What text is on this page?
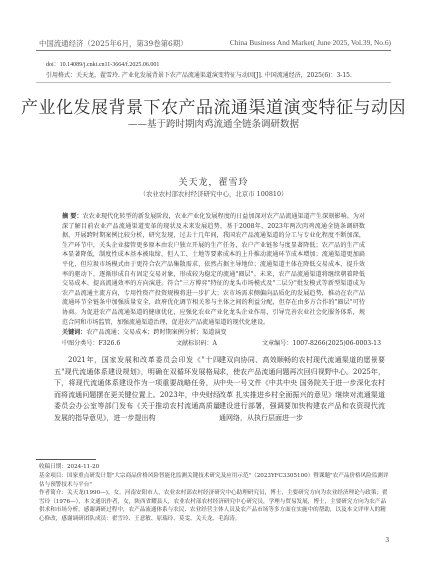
中国流通经济（2025年6月，第39卷第6期）	China Business And Market( June 2025, Vol.39, No.6)
doi：10.14089/j.cnki.cn11-3664/f.2025.06.001
引用格式：关天龙，翟雪玲. 产业化发展背景下农产品流通渠道演变特征与动因[J]. 中国流通经济，2025(6)：3-15.
产业化发展背景下农产品流通渠道演变特征与动因
——基于跨时期肉鸡流通全链条调研数据
关天龙，翟雪玲
（农业农村部农村经济研究中心，北京市 100810）
摘 要：农农业现代化转型的新发展阶段，农业产业化发展程度的日益加深对农产品流通渠道产生深刻影响。为对深了解目前农业产品流通渠道变革的现状及未来发展趋势，基于2008年、2023年两次肉鸡流通全链条调研数据，开展跨时期案例比较分析，研究发现，过去十几年间，我国农产品流通渠道的分工与专业化程度不断加深，生产环节中，关头企业接管更多原本由农户独立开展的生产任务，农户产业链参与度显著降低；农产品的生产成本显著降低，制度性成本基本被取缔，但人工、土地等要素成本的上升推动流通环节成本增加；流通渠道更加扁平化，但垃圾市场模式由于更符合农产品集散需求，依然占据主导地位；流通渠道主体在降低交易成本、提升效率的驱动下，逐渐形成自有固定交易对象，形成较为稳定的流通"圈层"。未来，农产品流通渠道将继续朝着降低交易成本、提高流通效率的方向演进。符合"三方博弈"特征的龙头市场模式及"二层分"批发模式等新型渠道成为农产品流通主流方向，专用性资产投资规模将进一步扩大；农市场需求侧偏向品质化的发展趋势，推动在农产品流通环节全链条中加强质量安全，政府优化调节相关参与主体之间的利益分配，但存在由多方合作的"圈层"可待协商。为促进农产品流通渠道的健康优化，应强化农业产业化龙头企业作用，引导完善农业社会化服务体系，规范合同和市场监管，加强流通渠道治理，促进农产品流通渠道的现代化建设。
关键词：农产品流通；交易成本；跨时期案例分析；渠道演变
中图分类号：F326.6	文献标识码：A	文章编号：1007-8266(2025)06-0003-13

2021年，国家发展和改革委员会印发《"十四五"现代流通体系建设规划》，明确在双循环发展格局下，将现代流通体系建设作为一项重要战略任务，从而将流通问题摆在更关键位置上。2023年，中央财经委员会办公室等部门发布《关于推动农村流通高质量发展的指导意见》，进一步提出构

建双向协同、高效顺畅的农村现代流通渠道的愿景要求，使农产品流通问题再次回归视野中心。2025年，中央一号文件《中共中央 国务院关于进一步深化农村改革 扎实推进乡村全面振兴的意见》继续对流通渠道建设进行部署，强调要加快构建农产品和农资现代流通网络，从执行层面进一步

收稿日期：2024-11-20
基金项目：国家重点研发计划"大宗商品价格风险智能化监测关键技术研究及应用示范"（2023YFC3305100）暨课题"农产品价格风险监测评估与预警技术与平台"
作者简介：关天龙(1990—)，女，河南安阳市人，农业农村部农村经济研究中心助理研究员，博士，主要研究方向为农业经济理论与政策；翟雪玲（1976—），本文通讯作者，女，陕西省耀县人，农业农村部农村经济研究中心研究员，学理与贸易发展，博士，主要研究方向为农产品供求和市场分析，感谢调研过程中，农产品流通体系与农民、农业经营主体人员及农产品市场等多方面在实施中的帮助，以及本文评审人的精心修改，感谢调研团队成员：翟雪玲、王意敏、原瑞玲、莫雯、关天龙、毛海涛。
3
